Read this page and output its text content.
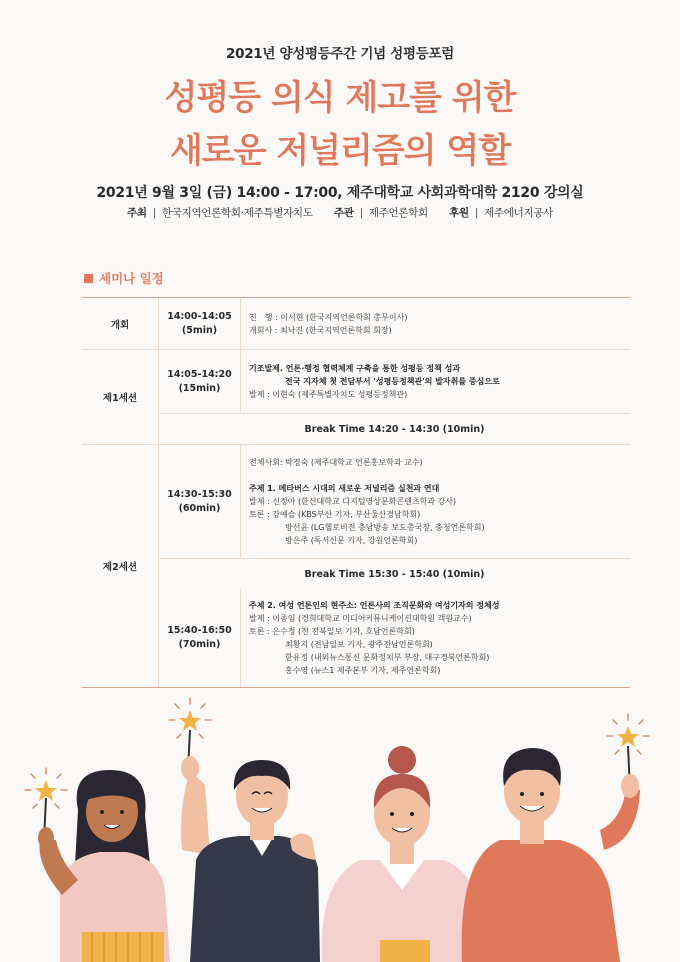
2021년 양성평등주간 기념 성평등포럼
성평등 의식 제고를 위한
새로운 저널리즘의 역할
2021년 9월 3일 (금) 14:00 - 17:00, 제주대학교 사회과학대학 2120 강의실
주최 | 한국지역언론학회·제주특별자치도 주관 | 제주언론학회 후원 | 제주에너지공사
세미나 일정
개회
14:00-14:05
(5min)
진　행 : 이서현 (한국지역언론학회 총무이사)
개회사 : 최낙진 (한국지역언론학회 회장)
제1세션
14:05-14:20
(15min)
기조발제. 언론·행정 협력체계 구축을 통한 성평등 정책 성과
전국 지자체 첫 전담부서 '성평등정책관'의 발자취를 중심으로
발제 : 이현숙 (제주특별자치도 성평등정책관)
Break Time 14:20 - 14:30 (10min)
제2세션
14:30-15:30
(60min)
전체사회: 박경숙 (제주대학교 언론홍보학과 교수)
주제 1. 메타버스 시대의 새로운 저널리즘 실천과 연대
발제 : 신정아 (한신대학교 디지털영상문화콘텐츠학과 강사)
토론 : 강예슬 (KBS부산 기자, 부산울산경남학회)
방선윤 (LG헬로비전 충남방송 보도총국장, 충청언론학회)
방은주 (독서신문 기자, 강원언론학회)
Break Time 15:30 - 15:40 (10min)
15:40-16:50
(70min)
주제 2. 여성 언론인의 현주소: 언론사의 조직문화와 여성기자의 정체성
발제 : 이종임 (경희대학교 미디어커뮤니케이션대학원 객원교수)
토론 : 은수정 (전 전북일보 기자, 호남언론학회)
최황지 (전남일보 기자, 광주전남언론학회)
한유정 (내외뉴스통신 문화정치부 부장, 대구경북언론학회)
홍수영 (뉴스1 제주본부 기자, 제주언론학회)
